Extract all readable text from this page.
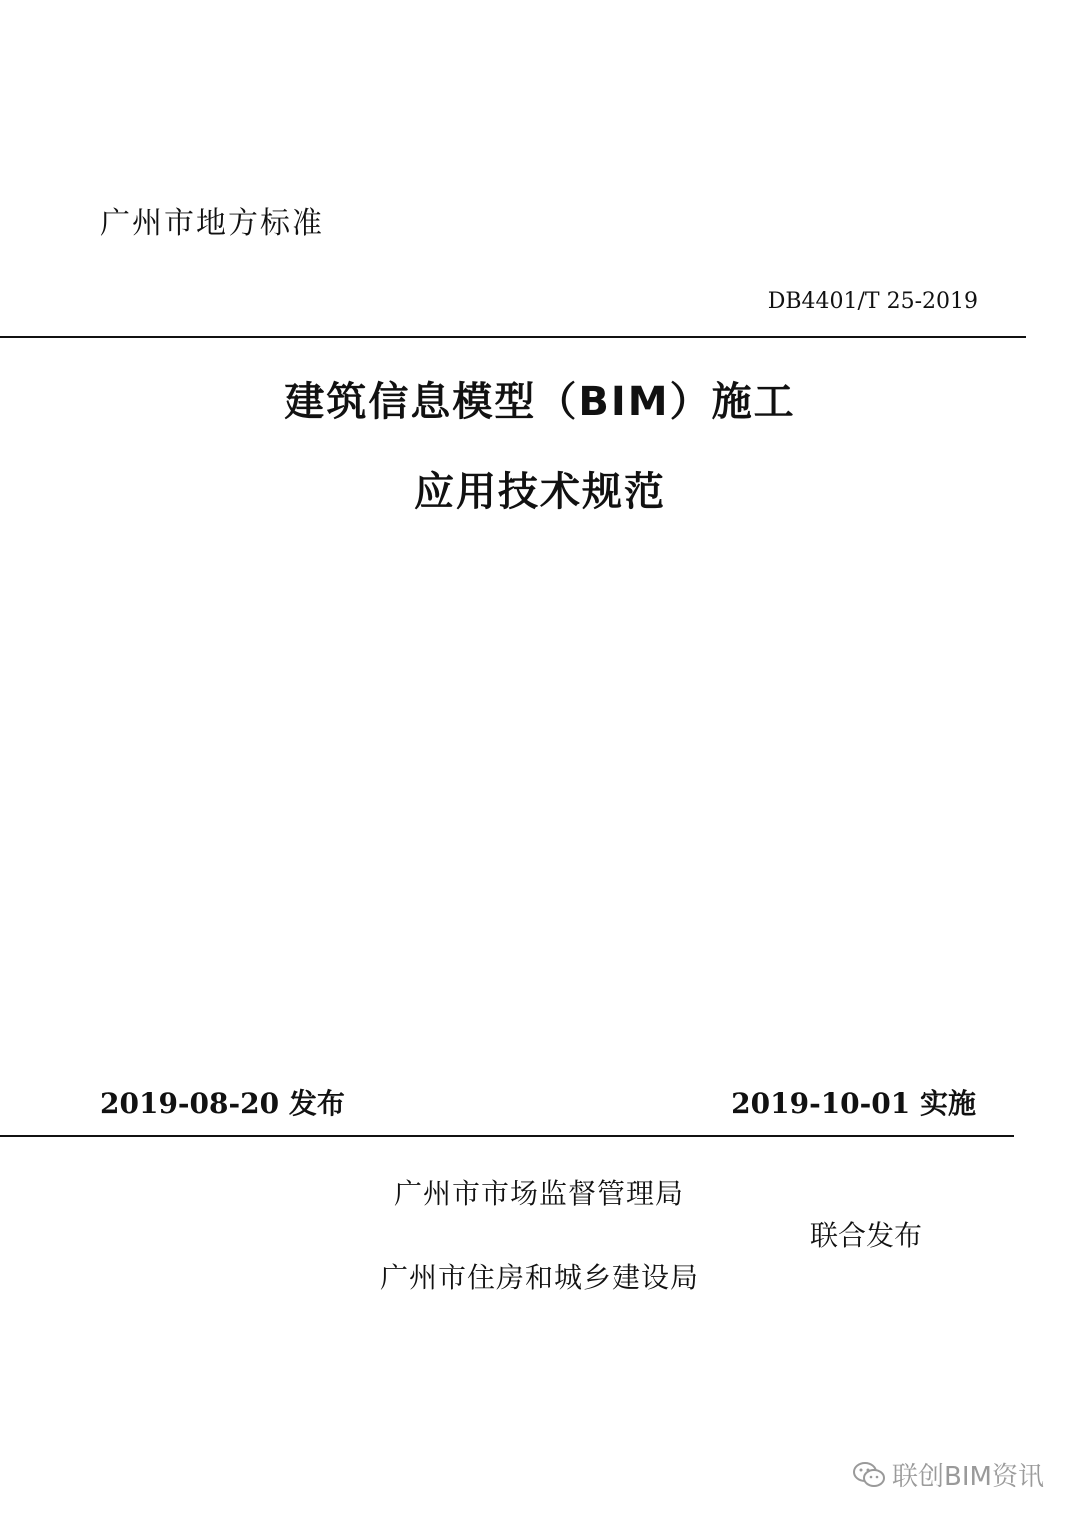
广州市地方标准
DB4401/T 25-2019
建筑信息模型（BIM）施工
应用技术规范
2019-08-20 发布	2019-10-01 实施
广州市市场监督管理局
联合发布
广州市住房和城乡建设局
联创BIM资讯
